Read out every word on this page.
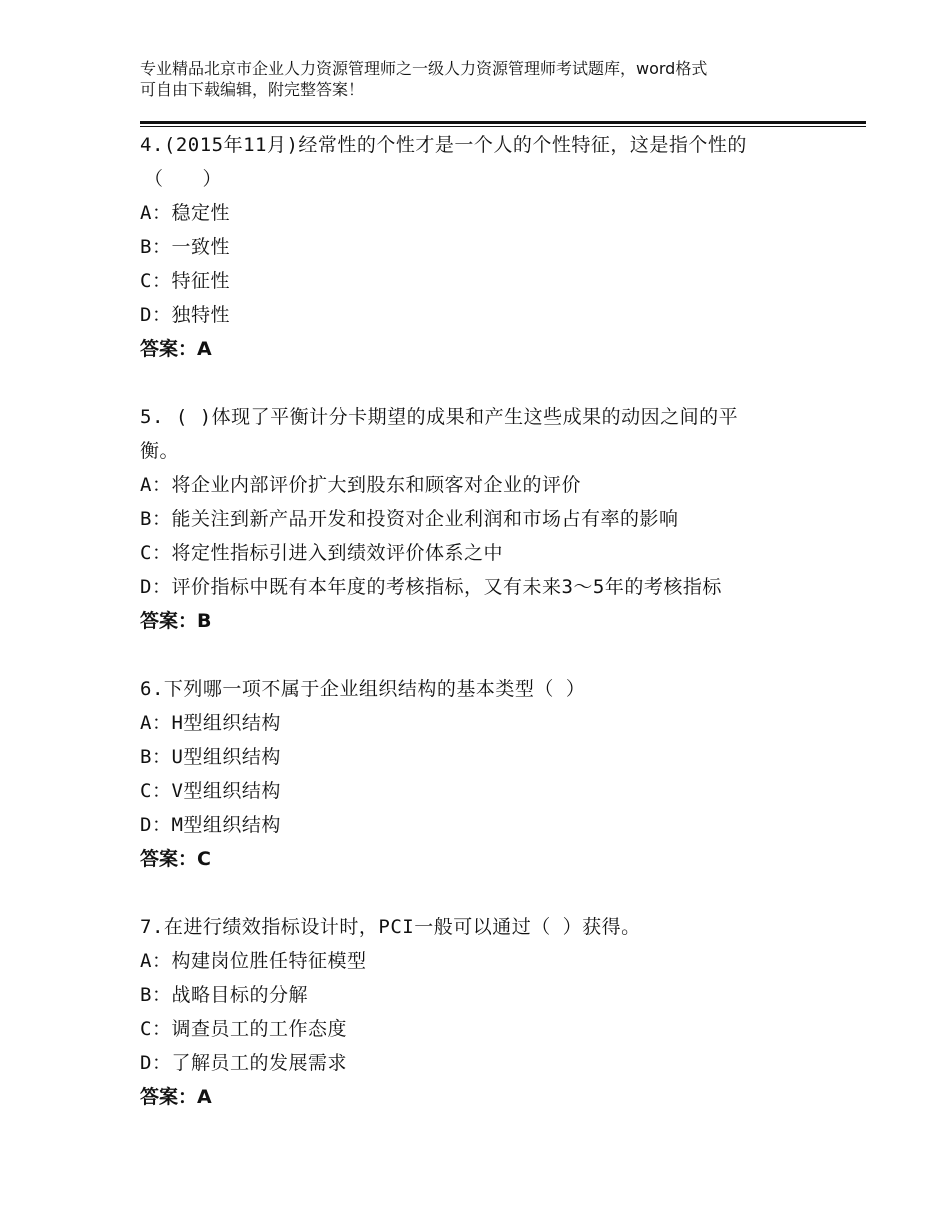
专业精品北京市企业人力资源管理师之一级人力资源管理师考试题库，word格式
可自由下载编辑，附完整答案！
4.(2015年11月)经常性的个性才是一个人的个性特征，这是指个性的
（　　）
A：稳定性
B：一致性
C：特征性
D：独特性
答案：A
5. ( )体现了平衡计分卡期望的成果和产生这些成果的动因之间的平
衡。
A：将企业内部评价扩大到股东和顾客对企业的评价
B：能关注到新产品开发和投资对企业利润和市场占有率的影响
C：将定性指标引进入到绩效评价体系之中
D：评价指标中既有本年度的考核指标，又有未来3～5年的考核指标
答案：B
6.下列哪一项不属于企业组织结构的基本类型（ ）
A：H型组织结构
B：U型组织结构
C：V型组织结构
D：M型组织结构
答案：C
7.在进行绩效指标设计时，PCI一般可以通过（ ）获得。
A：构建岗位胜任特征模型
B：战略目标的分解
C：调查员工的工作态度
D：了解员工的发展需求
答案：A
